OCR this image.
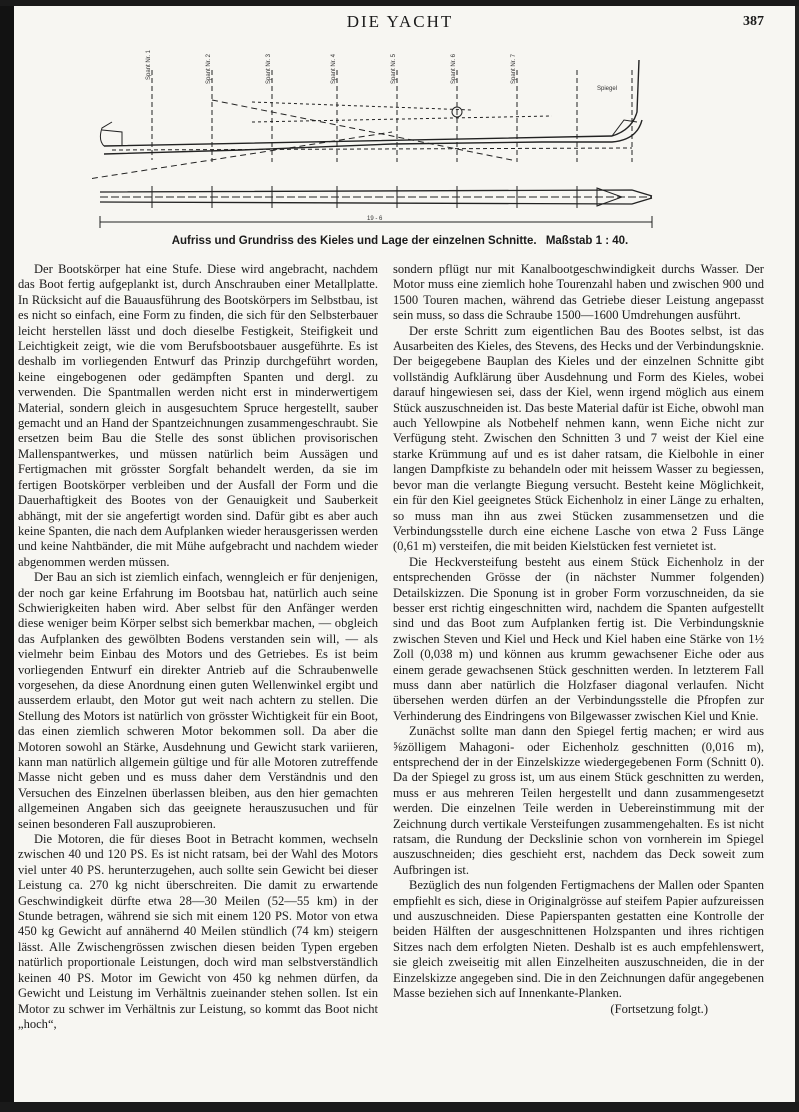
DIE YACHT	387
Spant Nr. 1	Spant Nr. 2	Spant Nr. 3	Spant Nr. 4	Spant Nr. 5	Spant Nr. 6	Spant Nr. 7
Spiegel
19 - 6
Aufriss und Grundriss des Kieles und Lage der einzelnen Schnitte. Maßstab 1 : 40.

Der Bootskörper hat eine Stufe. Diese wird angebracht, nachdem das Boot fertig aufgeplankt ist, durch Anschrauben einer Metallplatte. In Rücksicht auf die Bauausführung des Bootskörpers im Selbstbau, ist es nicht so einfach, eine Form zu finden, die sich für den Selbsterbauer leicht herstellen lässt und doch dieselbe Festigkeit, Steifigkeit und Leichtigkeit zeigt, wie die vom Berufsbootsbauer ausgeführte. Es ist deshalb im vorliegenden Entwurf das Prinzip durchgeführt worden, keine eingebogenen oder gedämpften Spanten und dergl. zu verwenden. Die Spantmallen werden nicht erst in minderwertigem Material, sondern gleich in ausgesuchtem Spruce hergestellt, sauber gemacht und an Hand der Spantzeichnungen zusammengeschraubt. Sie ersetzen beim Bau die Stelle des sonst üblichen provisorischen Mallenspantwerkes, und müssen natürlich beim Aussägen und Fertigmachen mit grösster Sorgfalt behandelt werden, da sie im fertigen Bootskörper verbleiben und der Ausfall der Form und die Dauerhaftigkeit des Bootes von der Genauigkeit und Sauberkeit abhängt, mit der sie angefertigt worden sind. Dafür gibt es aber auch keine Spanten, die nach dem Aufplanken wieder herausgerissen werden und keine Nahtbänder, die mit Mühe aufgebracht und nachdem wieder abgenommen werden müssen.

Der Bau an sich ist ziemlich einfach, wenngleich er für denjenigen, der noch gar keine Erfahrung im Bootsbau hat, natürlich auch seine Schwierigkeiten haben wird. Aber selbst für den Anfänger werden diese weniger beim Körper selbst sich bemerkbar machen, — obgleich das Aufplanken des gewölbten Bodens verstanden sein will, — als vielmehr beim Einbau des Motors und des Getriebes. Es ist beim vorliegenden Entwurf ein direkter Antrieb auf die Schraubenwelle vorgesehen, da diese Anordnung einen guten Wellenwinkel ergibt und ausserdem erlaubt, den Motor gut weit nach achtern zu stellen. Die Stellung des Motors ist natürlich von grösster Wichtigkeit für ein Boot, das einen ziemlich schweren Motor bekommen soll. Da aber die Motoren sowohl an Stärke, Ausdehnung und Gewicht stark variieren, kann man natürlich allgemein gültige und für alle Motoren zutreffende Masse nicht geben und es muss daher dem Verständnis und den Versuchen des Einzelnen überlassen bleiben, aus den hier gemachten allgemeinen Angaben sich das geeignete herauszusuchen und für seinen besonderen Fall auszuprobieren.

Die Motoren, die für dieses Boot in Betracht kommen, wechseln zwischen 40 und 120 PS. Es ist nicht ratsam, bei der Wahl des Motors viel unter 40 PS. herunterzugehen, auch sollte sein Gewicht bei dieser Leistung ca. 270 kg nicht überschreiten. Die damit zu erwartende Geschwindigkeit dürfte etwa 28—30 Meilen (52—55 km) in der Stunde betragen, während sie sich mit einem 120 PS. Motor von etwa 450 kg Gewicht auf annähernd 40 Meilen stündlich (74 km) steigern lässt. Alle Zwischengrössen zwischen diesen beiden Typen ergeben natürlich proportionale Leistungen, doch wird man selbstverständlich keinen 40 PS. Motor im Gewicht von 450 kg nehmen dürfen, da Gewicht und Leistung im Verhältnis zueinander stehen sollen. Ist ein Motor zu schwer im Verhältnis zur Leistung, so kommt das Boot nicht „hoch“,

sondern pflügt nur mit Kanalbootgeschwindigkeit durchs Wasser. Der Motor muss eine ziemlich hohe Tourenzahl haben und zwischen 900 und 1500 Touren machen, während das Getriebe dieser Leistung angepasst sein muss, so dass die Schraube 1500—1600 Umdrehungen ausführt.

Der erste Schritt zum eigentlichen Bau des Bootes selbst, ist das Ausarbeiten des Kieles, des Stevens, des Hecks und der Verbindungsknie. Der beigegebene Bauplan des Kieles und der einzelnen Schnitte gibt vollständig Aufklärung über Ausdehnung und Form des Kieles, wobei darauf hingewiesen sei, dass der Kiel, wenn irgend möglich aus einem Stück auszuschneiden ist. Das beste Material dafür ist Eiche, obwohl man auch Yellowpine als Notbehelf nehmen kann, wenn Eiche nicht zur Verfügung steht. Zwischen den Schnitten 3 und 7 weist der Kiel eine starke Krümmung auf und es ist daher ratsam, die Kielbohle in einer langen Dampfkiste zu behandeln oder mit heissem Wasser zu begiessen, bevor man die verlangte Biegung versucht. Besteht keine Möglichkeit, ein für den Kiel geeignetes Stück Eichenholz in einer Länge zu erhalten, so muss man ihn aus zwei Stücken zusammensetzen und die Verbindungsstelle durch eine eichene Lasche von etwa 2 Fuss Länge (0,61 m) versteifen, die mit beiden Kielstücken fest vernietet ist.

Die Heckversteifung besteht aus einem Stück Eichenholz in der entsprechenden Grösse der (in nächster Nummer folgenden) Detailskizzen. Die Sponung ist in grober Form vorzuschneiden, da sie besser erst richtig eingeschnitten wird, nachdem die Spanten aufgestellt sind und das Boot zum Aufplanken fertig ist. Die Verbindungsknie zwischen Steven und Kiel und Heck und Kiel haben eine Stärke von 1½ Zoll (0,038 m) und können aus krumm gewachsener Eiche oder aus einem gerade gewachsenen Stück geschnitten werden. In letzterem Fall muss dann aber natürlich die Holzfaser diagonal verlaufen. Nicht übersehen werden dürfen an der Verbindungsstelle die Pfropfen zur Verhinderung des Eindringens von Bilgewasser zwischen Kiel und Knie.

Zunächst sollte man dann den Spiegel fertig machen; er wird aus ⅝zölligem Mahagoni- oder Eichenholz geschnitten (0,016 m), entsprechend der in der Einzelskizze wiedergegebenen Form (Schnitt 0). Da der Spiegel zu gross ist, um aus einem Stück geschnitten zu werden, muss er aus mehreren Teilen hergestellt und dann zusammengesetzt werden. Die einzelnen Teile werden in Uebereinstimmung mit der Zeichnung durch vertikale Versteifungen zusammengehalten. Es ist nicht ratsam, die Rundung der Deckslinie schon von vornherein im Spiegel auszuschneiden; dies geschieht erst, nachdem das Deck soweit zum Aufbringen ist.

Bezüglich des nun folgenden Fertigmachens der Mallen oder Spanten empfiehlt es sich, diese in Originalgrösse auf steifem Papier aufzureissen und auszuschneiden. Diese Papierspanten gestatten eine Kontrolle der beiden Hälften der ausgeschnittenen Holzspanten und ihres richtigen Sitzes nach dem erfolgten Nieten. Deshalb ist es auch empfehlenswert, sie gleich zweiseitig mit allen Einzelheiten auszuschneiden, die in der Einzelskizze angegeben sind. Die in den Zeichnungen dafür angegebenen Masse beziehen sich auf Innenkante-Planken.

(Fortsetzung folgt.)
